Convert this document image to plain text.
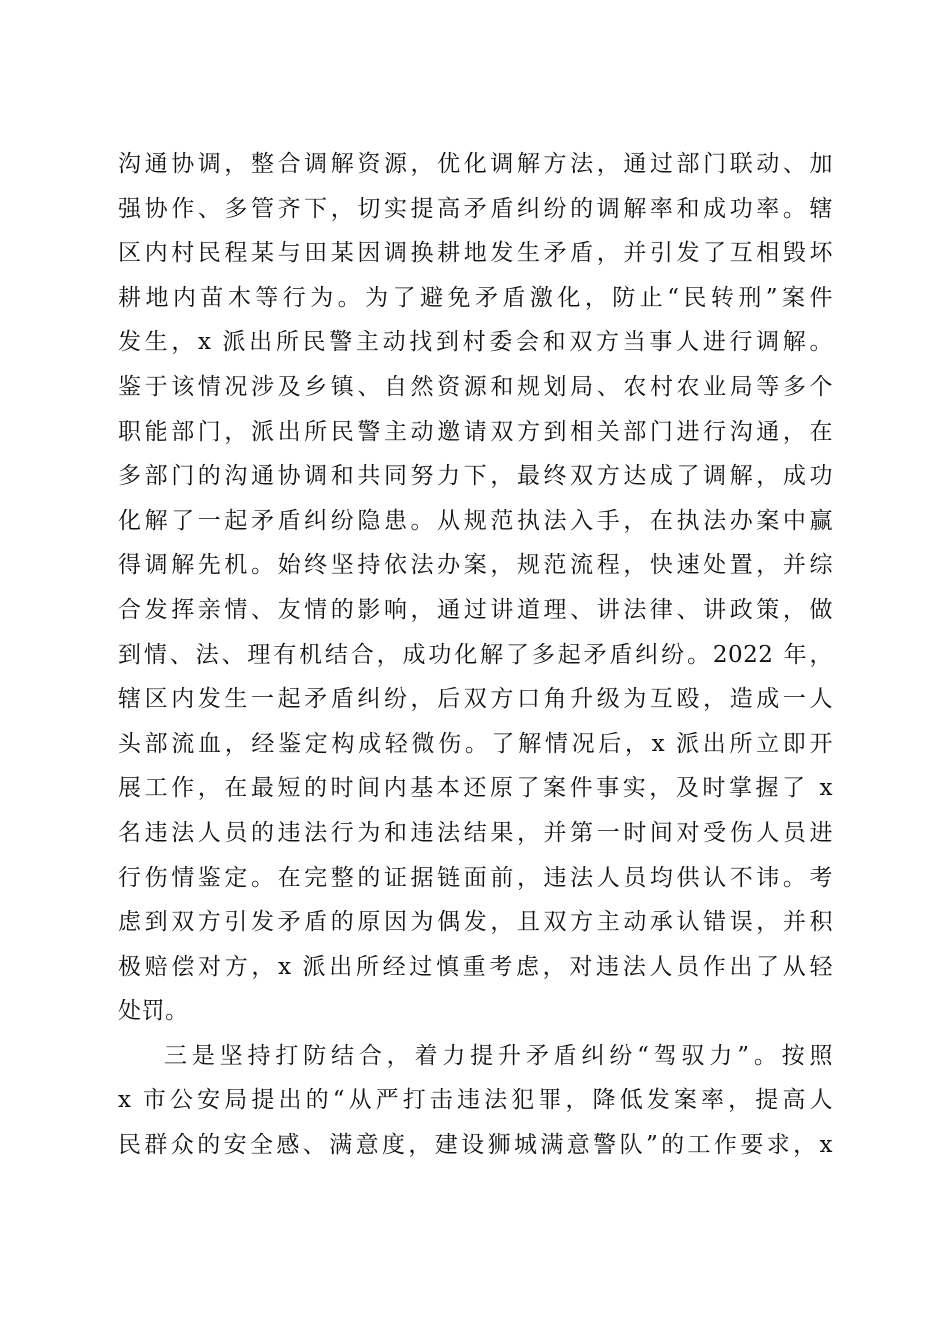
沟通协调，整合调解资源，优化调解方法，通过部门联动、加
强协作、多管齐下，切实提高矛盾纠纷的调解率和成功率。辖
区内村民程某与田某因调换耕地发生矛盾，并引发了互相毁坏
耕地内苗木等行为。为了避免矛盾激化，防止“民转刑”案件
发生，x 派出所民警主动找到村委会和双方当事人进行调解。
鉴于该情况涉及乡镇、自然资源和规划局、农村农业局等多个
职能部门，派出所民警主动邀请双方到相关部门进行沟通，在
多部门的沟通协调和共同努力下，最终双方达成了调解，成功
化解了一起矛盾纠纷隐患。从规范执法入手，在执法办案中赢
得调解先机。始终坚持依法办案，规范流程，快速处置，并综
合发挥亲情、友情的影响，通过讲道理、讲法律、讲政策，做
到情、法、理有机结合，成功化解了多起矛盾纠纷。2022 年，
辖区内发生一起矛盾纠纷，后双方口角升级为互殴，造成一人
头部流血，经鉴定构成轻微伤。了解情况后，x 派出所立即开
展工作，在最短的时间内基本还原了案件事实，及时掌握了 x
名违法人员的违法行为和违法结果，并第一时间对受伤人员进
行伤情鉴定。在完整的证据链面前，违法人员均供认不讳。考
虑到双方引发矛盾的原因为偶发，且双方主动承认错误，并积
极赔偿对方，x 派出所经过慎重考虑，对违法人员作出了从轻
处罚。
三是坚持打防结合，着力提升矛盾纠纷“驾驭力”。按照
x 市公安局提出的“从严打击违法犯罪，降低发案率，提高人
民群众的安全感、满意度，建设狮城满意警队”的工作要求，x
